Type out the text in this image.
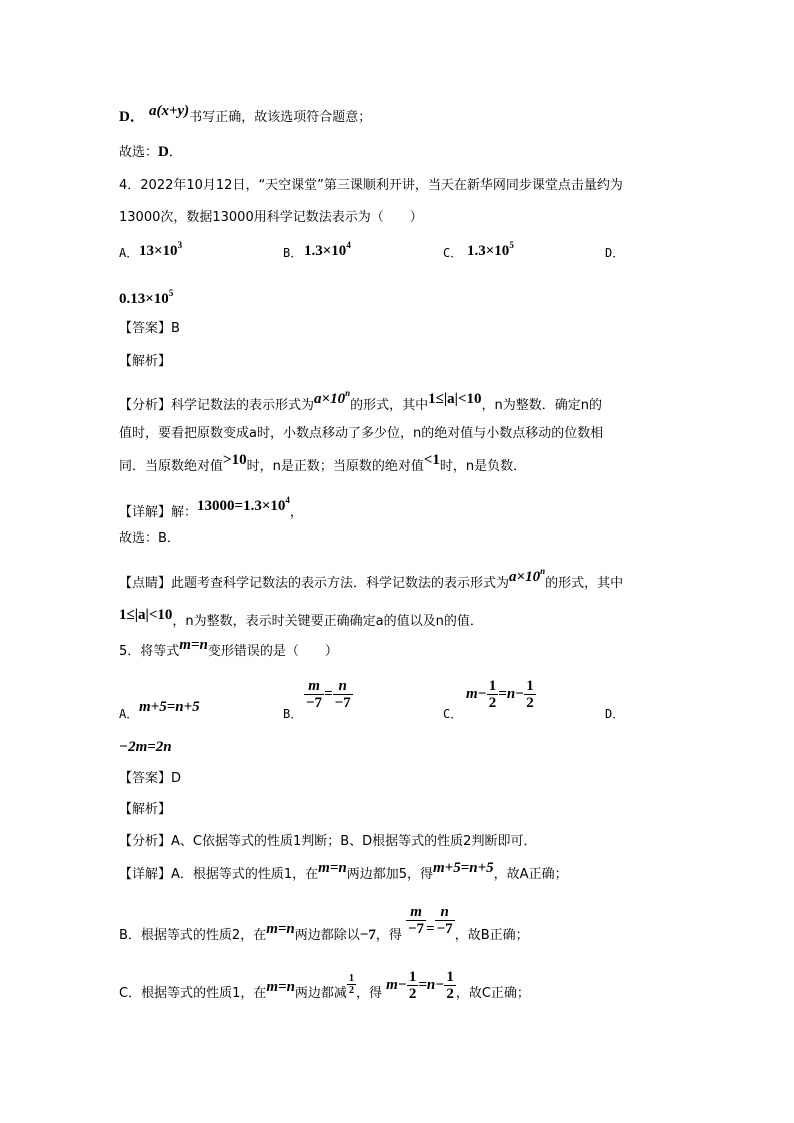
D． a(x+y)书写正确，故该选项符合题意；
故选：D．
4．2022年10月12日，“天空课堂”第三课顺利开讲，当天在新华网同步课堂点击量约为
13000次，数据13000用科学记数法表示为（　　）
A． $13\times 10^3$
B． $1.3\times 10^4$
C． $1.3\times 10^5$
D．
$0.13\times 10^5$
【答案】B
【解析】
【分析】科学记数法的表示形式为$a\times 10^n$的形式，其中1≤|a|<10，n为整数．确定n的
值时，要看把原数变成a时，小数点移动了多少位，n的绝对值与小数点移动的位数相
同．当原数绝对值>10时，n是正数；当原数的绝对值<1时，n是负数．
【详解】解：$13000=1.3\times 10^4$，
故选：B．
【点睛】此题考查科学记数法的表示方法．科学记数法的表示形式为$a\times 10^n$的形式，其中
1≤|a|<10，n为整数，表示时关键要正确确定a的值以及n的值．
5．将等式m=n变形错误的是（　　）
A． m+5=n+5	B．
$\frac{m}{-7} = \frac{n}{-7}$
C．
$m- \frac{1}{2} =n- \frac{1}{2}$
D．
−2m=2n
【答案】D
【解析】
【分析】A、C依据等式的性质1判断；B、D根据等式的性质2判断即可．
【详解】A．根据等式的性质1，在m=n两边都加5，得m+5=n+5，故A正确；
B．根据等式的性质2，在m=n两边都除以−7，得 $\frac{m}{-7} = \frac{n}{-7}$ ，故B正确；
C．根据等式的性质1，在m=n两边都减 $\frac{1}{2}$ ，得 $m- \frac{1}{2} =n- \frac{1}{2}$ ，故C正确；
